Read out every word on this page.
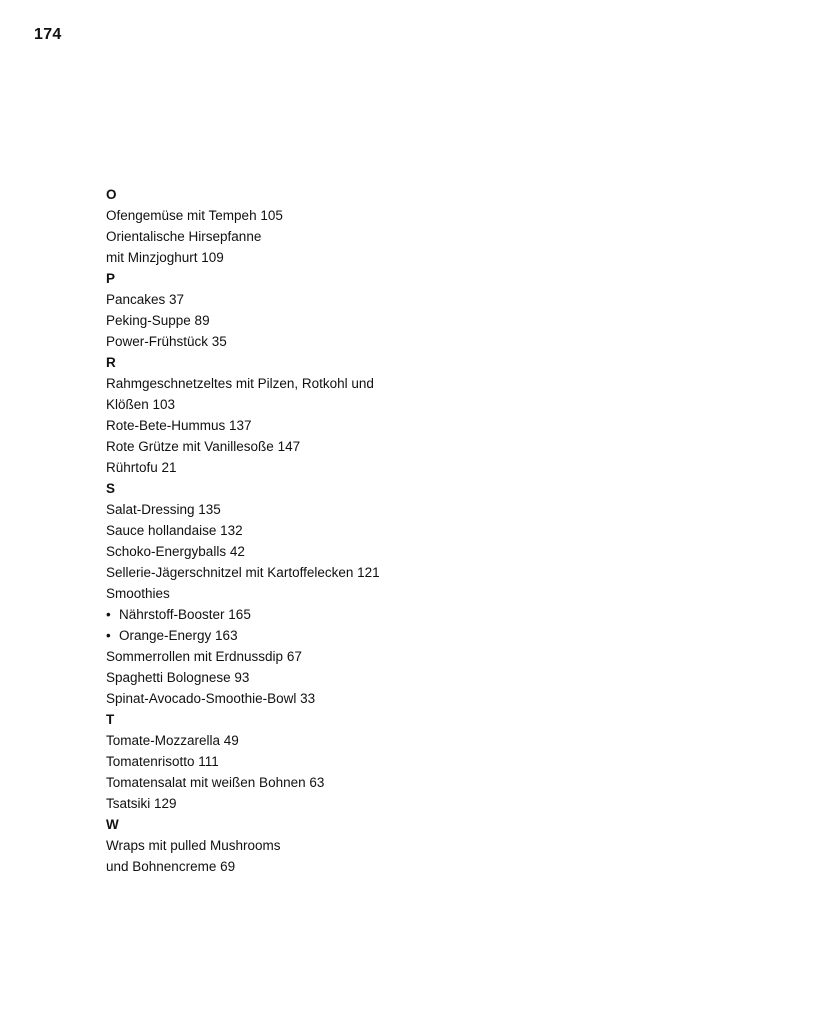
174
O
Ofengemüse mit Tempeh 105
Orientalische Hirsepfanne
mit Minzjoghurt 109
P
Pancakes 37
Peking-Suppe 89
Power-Frühstück 35
R
Rahmgeschnetzeltes mit Pilzen, Rotkohl und
Klößen 103
Rote-Bete-Hummus 137
Rote Grütze mit Vanillesoße 147
Rührtofu 21
S
Salat-Dressing 135
Sauce hollandaise 132
Schoko-Energyballs 42
Sellerie-Jägerschnitzel mit Kartoffelecken 121
Smoothies
• Nährstoff-Booster 165
• Orange-Energy 163
Sommerrollen mit Erdnussdip 67
Spaghetti Bolognese 93
Spinat-Avocado-Smoothie-Bowl 33
T
Tomate-Mozzarella 49
Tomatenrisotto 111
Tomatensalat mit weißen Bohnen 63
Tsatsiki 129
W
Wraps mit pulled Mushrooms
und Bohnencreme 69
